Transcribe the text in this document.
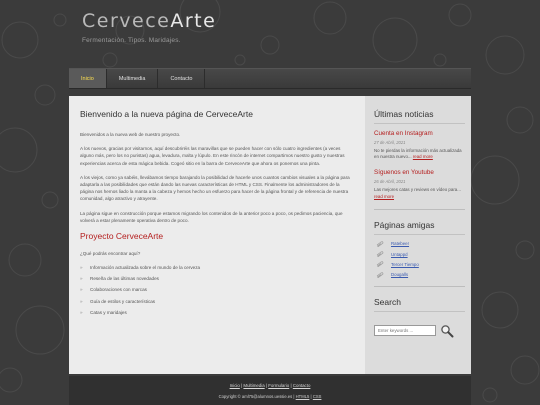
CerveceArte
Fermentación. Tipos. Maridajes.
Inicio	Multimedia	Contacto
Bienvenido a la nueva página de CerveceArte

Bienvenidos a la nueva web de nuestro proyecto.

A los nuevos, gracias por visitarnos, aquí descubriréis las maravillas que se pueden hacer con sólo cuatro ingredientes (a veces alguno más, pero los no puristas) agua, levadura, malta y lúpulo. En este rincón de internet compartimos nuestro gusto y nuestras experiencias acerca de esta mágica bebida. Cogeó sitio en la barra de CerveceArte que ahora os ponemos una pinta.

A los viejos, como ya sabéis, llevábamos tiempo barajando la posibilidad de hacerle unos cuantos cambios visuales a la página para adaptarla a las posibilidades que están dando las nuevas características de HTML y CSS. Finalmente los administradores de la página nos hemos liado la manta a la cabeza y hemos hecho un esfuerzo para hacer de la página frontal y de referencia de nuestra comunidad, algo atractivo y atrayente.

La página sigue en construcción porque estamos migrando los contenidos de la anterior poco a poco, os pedimos paciencia, que volverá a estar plenamente operativa dentro de poco.

Proyecto CerveceArte
¿Qué podrás encontrar aquí?
» Información actualizada sobre el mundo de la cerveza
» Reseña de las últimas novedades
» Colaboraciones con marcas
» Guía de estilos y características
» Catas y maridajes
Últimas noticias
Cuenta en Instagram
27 de Abril, 2021
No te pierdas la información más actualizada en nuestra nuevo... read more
Síguenos en Youtube
26 de Abril, 2021
Las mejores catas y reviews en vídeo para... read more
Páginas amigas
Ratebeer
Untappd
Tercer Tiempo
Dougalls
Search
Enter keywords ...
Inicio | Multimedia | Formulario | Contacto
Copyright © aml75@alumnos.uessie.es | HTML5 | CSS
